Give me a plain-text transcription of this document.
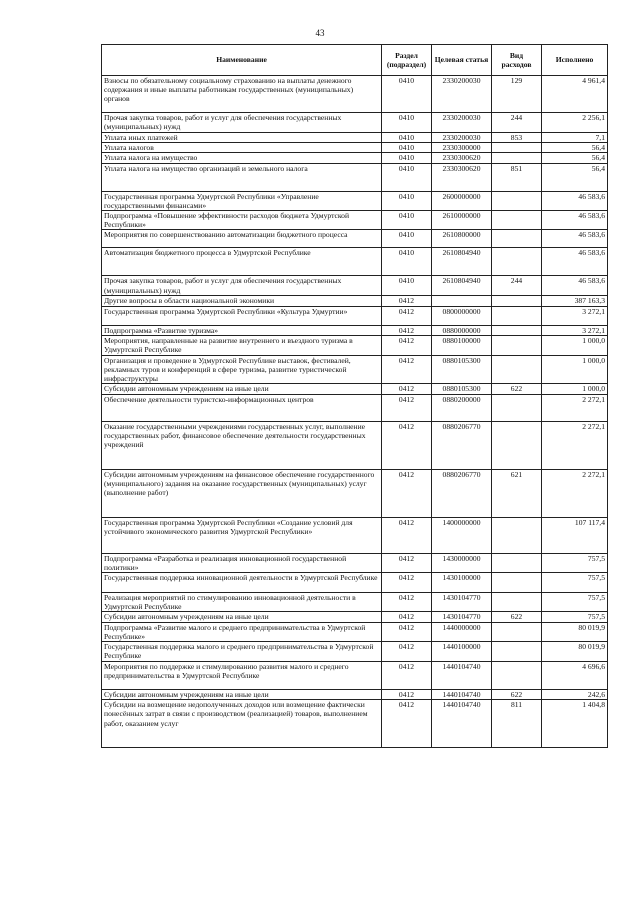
43
Наименование	Раздел (подраздел)	Целевая статья	Вид расходов	Исполнено
Взносы по обязательному социальному страхованию на выплаты денежного содержания и иные выплаты работникам государственных (муниципальных) органов	0410	2330200030	129	4 961,4
Прочая закупка товаров, работ и услуг для обеспечения государственных (муниципальных) нужд	0410	2330200030	244	2 256,1
Уплата иных платежей	0410	2330200030	853	7,1
Уплата налогов	0410	2330300000		56,4
Уплата налога на имущество	0410	2330300620		56,4
Уплата налога на имущество организаций и земельного налога	0410	2330300620	851	56,4
Государственная программа Удмуртской Республики «Управление государственными финансами»	0410	2600000000		46 583,6
Подпрограмма «Повышение эффективности расходов бюджета Удмуртской Республики»	0410	2610000000		46 583,6
Мероприятия по совершенствованию автоматизации бюджетного процесса	0410	2610800000		46 583,6
Автоматизация бюджетного процесса в Удмуртской Республике	0410	2610804940		46 583,6
Прочая закупка товаров, работ и услуг для обеспечения государственных (муниципальных) нужд	0410	2610804940	244	46 583,6
Другие вопросы в области национальной экономики	0412			387 163,3
Государственная программа Удмуртской Республики «Культура Удмуртии»	0412	0800000000		3 272,1
Подпрограмма «Развитие туризма»	0412	0880000000		3 272,1
Мероприятия, направленные на развитие внутреннего и въездного туризма в Удмуртской Республике	0412	0880100000		1 000,0
Организация и проведение в Удмуртской Республике выставок, фестивалей, рекламных туров и конференций в сфере туризма, развитие туристической инфраструктуры	0412	0880105300		1 000,0
Субсидии автономным учреждениям на иные цели	0412	0880105300	622	1 000,0
Обеспечение деятельности туристско-информационных центров	0412	0880200000		2 272,1
Оказание государственными учреждениями государственных услуг, выполнение государственных работ, финансовое обеспечение деятельности государственных учреждений	0412	0880206770		2 272,1
Субсидии автономным учреждениям на финансовое обеспечение государственного (муниципального) задания на оказание государственных (муниципальных) услуг (выполнение работ)	0412	0880206770	621	2 272,1
Государственная программа Удмуртской Республики «Создание условий для устойчивого экономического развития Удмуртской Республики»	0412	1400000000		107 117,4
Подпрограмма «Разработка и реализация инновационной государственной политики»	0412	1430000000		757,5
Государственная поддержка инновационной деятельности в Удмуртской Республике	0412	1430100000		757,5
Реализация мероприятий по стимулированию инновационной деятельности в Удмуртской Республике	0412	1430104770		757,5
Субсидии автономным учреждениям на иные цели	0412	1430104770	622	757,5
Подпрограмма «Развитие малого и среднего предпринимательства в Удмуртской Республике»	0412	1440000000		80 019,9
Государственная поддержка малого и среднего предпринимательства в Удмуртской Республике	0412	1440100000		80 019,9
Мероприятия по поддержке и стимулированию развития малого и среднего предпринимательства в Удмуртской Республике	0412	1440104740		4 696,6
Субсидии автономным учреждениям на иные цели	0412	1440104740	622	242,6
Субсидии на возмещение недополученных доходов или возмещение фактически понесённых затрат в связи с производством (реализацией) товаров, выполнением работ, оказанием услуг	0412	1440104740	811	1 404,8
